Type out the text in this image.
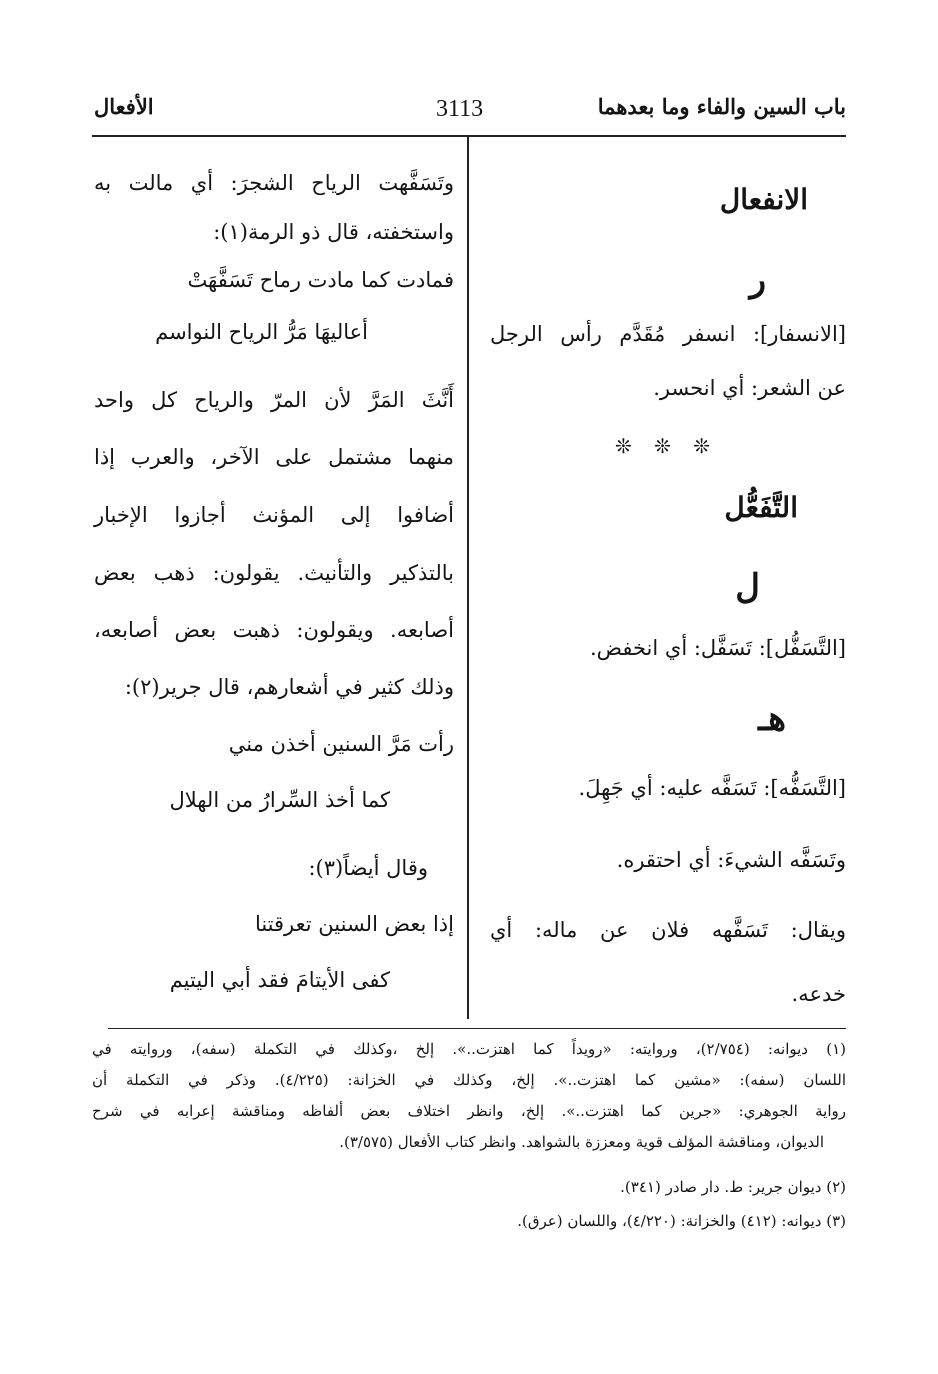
باب السين والفاء وما بعدهما
3113
الأفعال
الانفعال
ر
[الانسفار]: انسفر مُقَدَّم رأس الرجل
عن الشعر: أي انحسر.
❊ ❊ ❊
التَّفَعُّل
ل
[التَّسَفُّل]: تَسَفَّل: أي انخفض.
هـ
[التَّسَفُّه]: تَسَفَّه عليه: أي جَهِلَ.
وتَسَفَّه الشيءَ: أي احتقره.
ويقال: تَسَفَّهه فلان عن ماله: أي
خدعه.
وتَسَفَّهت الرياح الشجرَ: أي مالت به
واستخفته، قال ذو الرمة(١):
فمادت كما مادت رماح تَسَفَّهَتْ
أعاليهَا مَرُّ الرياح النواسم
أَنَّثَ المَرَّ لأن المرّ والرياح كل واحد
منهما مشتمل على الآخر، والعرب إذا
أضافوا إلى المؤنث أجازوا الإخبار
بالتذكير والتأنيث. يقولون: ذهب بعض
أصابعه. ويقولون: ذهبت بعض أصابعه،
وذلك كثير في أشعارهم، قال جرير(٢):
رأت مَرَّ السنين أخذن مني
كما أخذ السِّرارُ من الهلال
وقال أيضاً(٣):
إذا بعض السنين تعرقتنا
كفى الأيتامَ فقد أبي اليتيم
(١) ديوانه: (٢/٧٥٤)، وروايته: «رويداً كما اهتزت..». إلخ ،وكذلك في التكملة (سفه)، وروايته في
اللسان (سفه): «مشين كما اهتزت..». إلخ، وكذلك في الخزانة: (٤/٢٢٥). وذكر في التكملة أن
رواية الجوهري: «جرين كما اهتزت..». إلخ، وانظر اختلاف بعض ألفاظه ومناقشة إعرابه في شرح
الديوان، ومناقشة المؤلف قوية ومعززة بالشواهد. وانظر كتاب الأفعال (٣/٥٧٥).
(٢) ديوان جرير: ط. دار صادر (٣٤١).
(٣) ديوانه: (٤١٢) والخزانة: (٤/٢٢٠)، واللسان (عرق).
